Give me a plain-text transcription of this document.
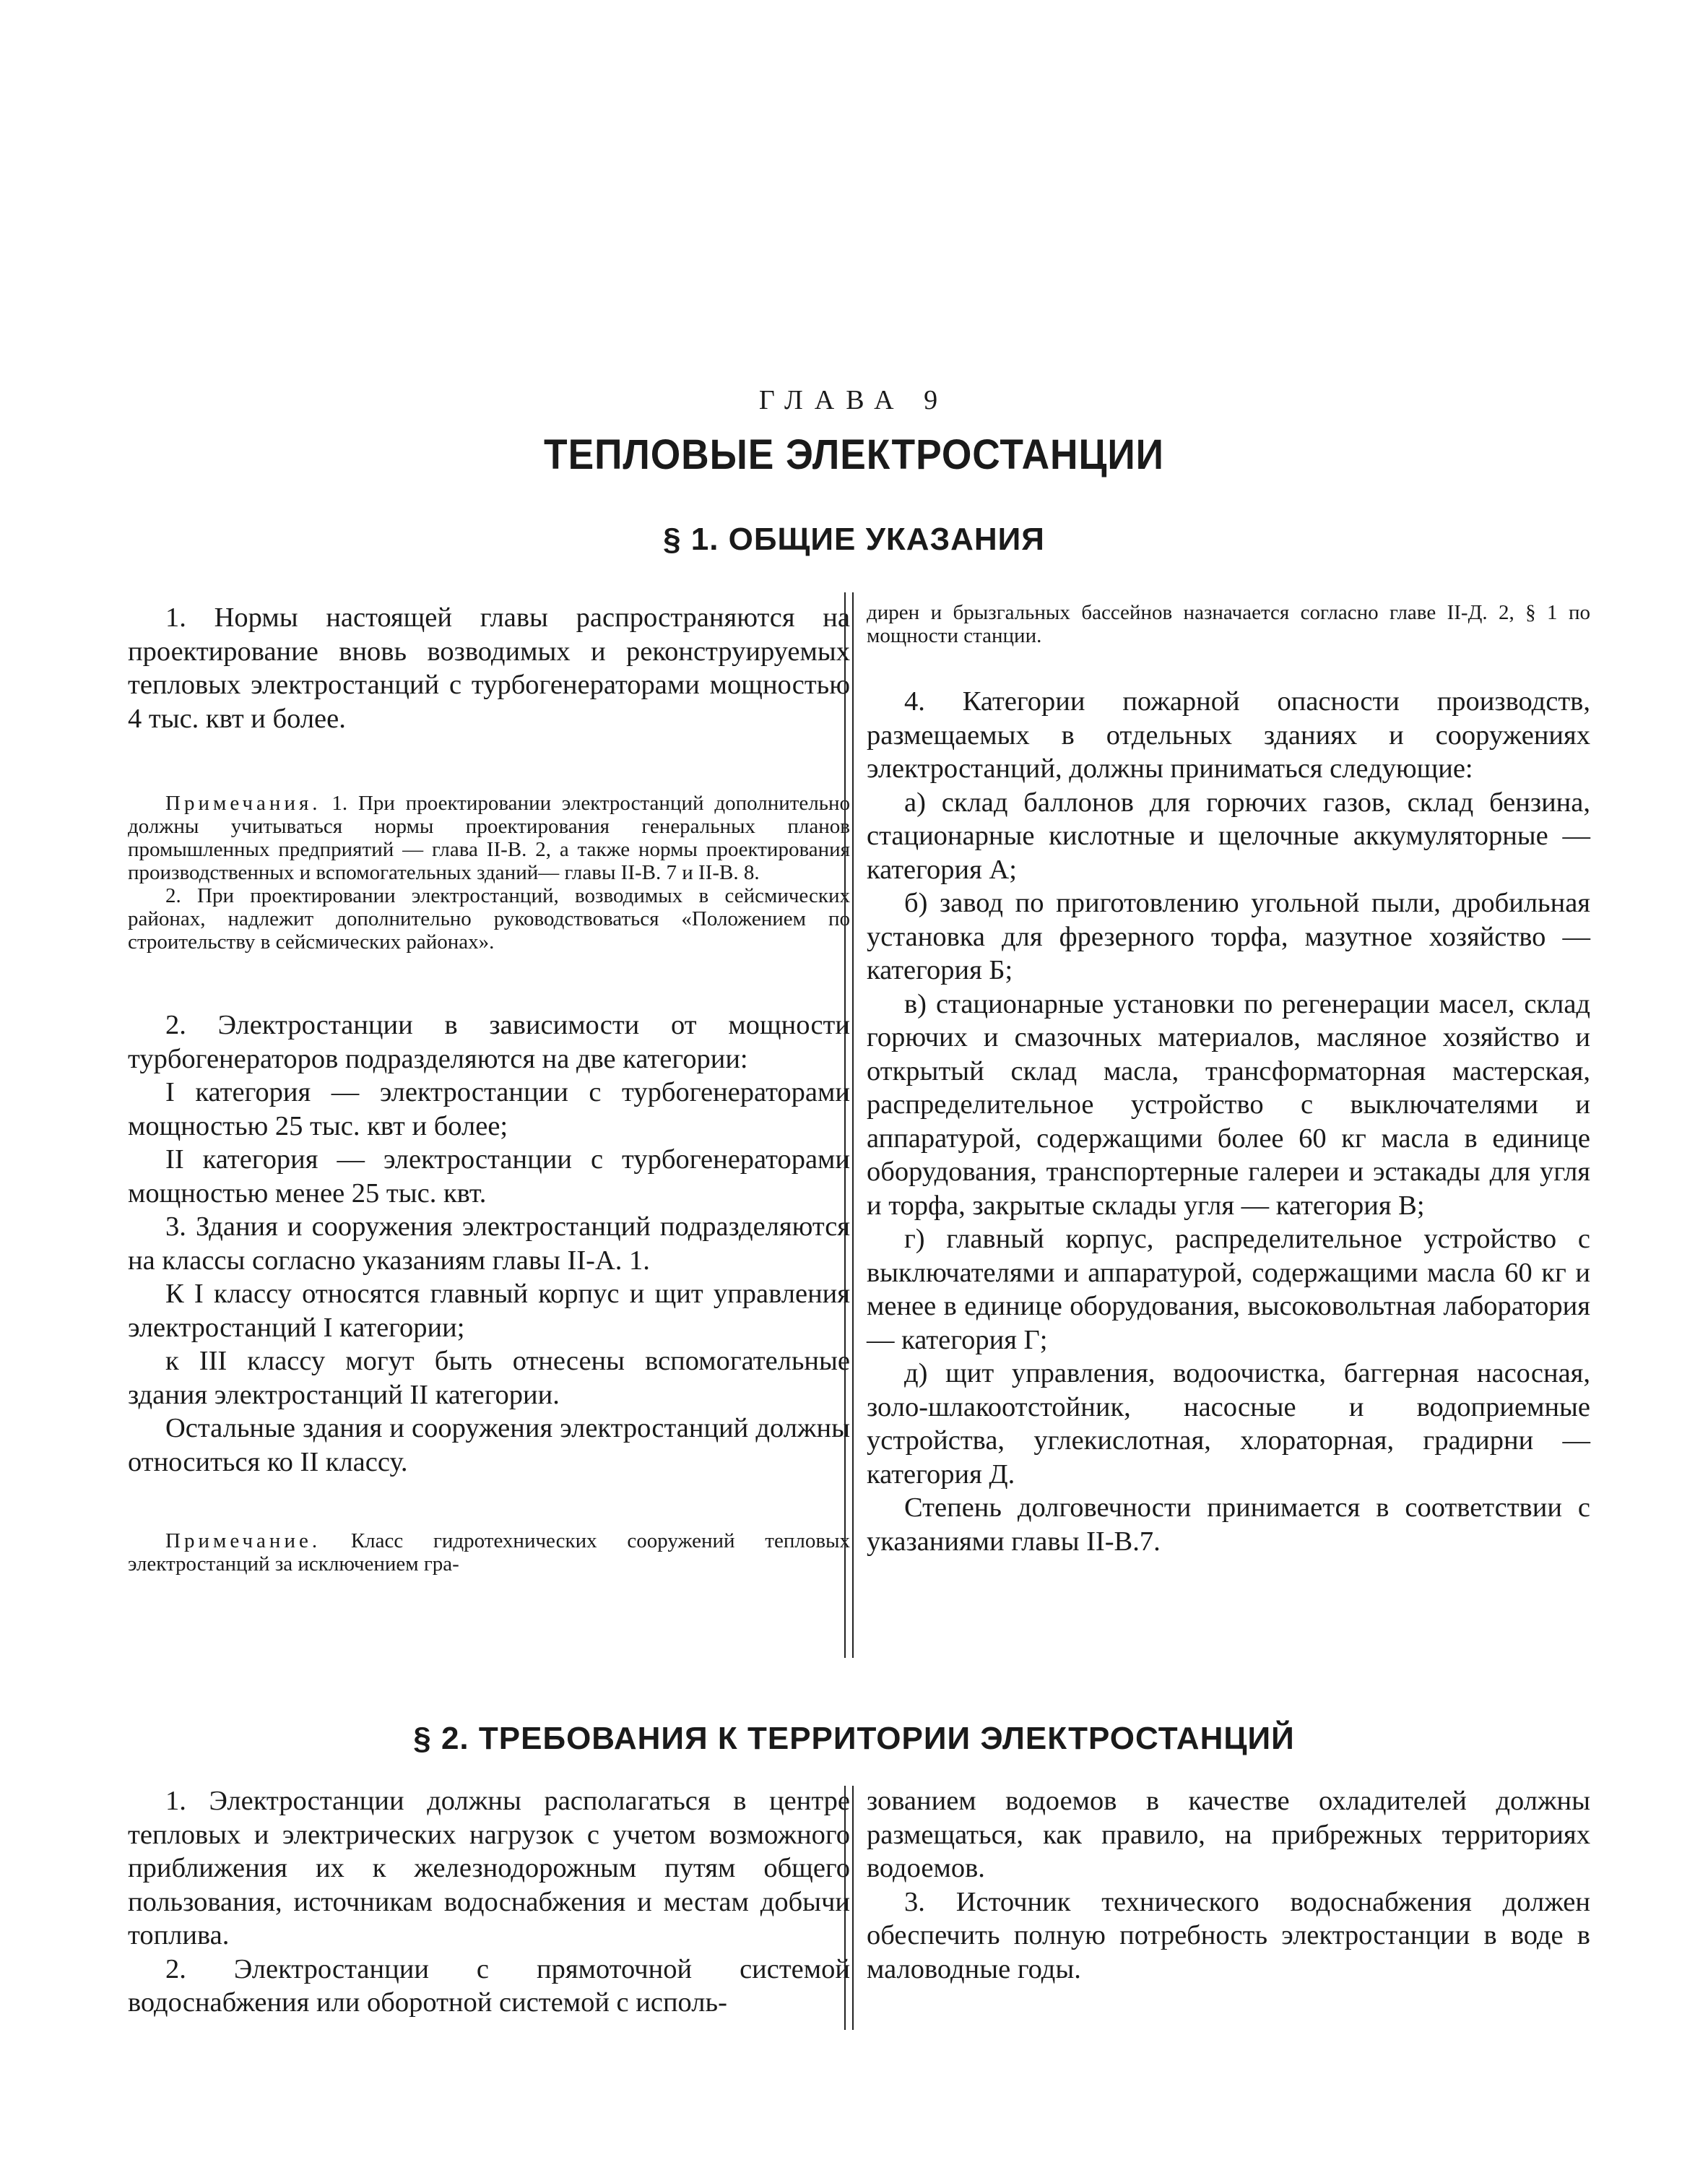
ГЛАВА 9
ТЕПЛОВЫЕ ЭЛЕКТРОСТАНЦИИ
§ 1. ОБЩИЕ УКАЗАНИЯ

1. Нормы настоящей главы распространяются на проектирование вновь возводимых и реконструируемых тепловых электростанций с турбогенераторами мощностью 4 тыс. квт и более.

Примечания. 1. При проектировании электростанций дополнительно должны учитываться нормы проектирования генеральных планов промышленных предприятий — глава II-В. 2, а также нормы проектирования производственных и вспомогательных зданий— главы II-В. 7 и II-В. 8.

2. При проектировании электростанций, возводимых в сейсмических районах, надлежит дополнительно руководствоваться «Положением по строительству в сейсмических районах».

2. Электростанции в зависимости от мощности турбогенераторов подразделяются на две категории:

I категория — электростанции с турбогенераторами мощностью 25 тыс. квт и более;

II категория — электростанции с турбогенераторами мощностью менее 25 тыс. квт.

3. Здания и сооружения электростанций подразделяются на классы согласно указаниям главы II-А. 1.

К I классу относятся главный корпус и щит управления электростанций I категории;

к III классу могут быть отнесены вспомогательные здания электростанций II категории.

Остальные здания и сооружения электростанций должны относиться ко II классу.

Примечание. Класс гидротехнических сооружений тепловых электростанций за исключением гра-

дирен и брызгальных бассейнов назначается согласно главе II-Д. 2, § 1 по мощности станции.

4. Категории пожарной опасности производств, размещаемых в отдельных зданиях и сооружениях электростанций, должны приниматься следующие:

а) склад баллонов для горючих газов, склад бензина, стационарные кислотные и щелочные аккумуляторные — категория А;

б) завод по приготовлению угольной пыли, дробильная установка для фрезерного торфа, мазутное хозяйство — категория Б;

в) стационарные установки по регенерации масел, склад горючих и смазочных материалов, масляное хозяйство и открытый склад масла, трансформаторная мастерская, распределительное устройство с выключателями и аппаратурой, содержащими более 60 кг масла в единице оборудования, транспортерные галереи и эстакады для угля и торфа, закрытые склады угля — категория В;

г) главный корпус, распределительное устройство с выключателями и аппаратурой, содержащими масла 60 кг и менее в единице оборудования, высоковольтная лаборатория — категория Г;

д) щит управления, водоочистка, баггерная насосная, золо-шлакоотстойник, насосные и водоприемные устройства, углекислотная, хлораторная, градирни — категория Д.

Степень долговечности принимается в соответствии с указаниями главы II-В.7.

§ 2. ТРЕБОВАНИЯ К ТЕРРИТОРИИ ЭЛЕКТРОСТАНЦИЙ

1. Электростанции должны располагаться в центре тепловых и электрических нагрузок с учетом возможного приближения их к железнодорожным путям общего пользования, источникам водоснабжения и местам добычи топлива.

2. Электростанции с прямоточной системой водоснабжения или оборотной системой с исполь-

зованием водоемов в качестве охладителей должны размещаться, как правило, на прибрежных территориях водоемов.

3. Источник технического водоснабжения должен обеспечить полную потребность электростанции в воде в маловодные годы.
